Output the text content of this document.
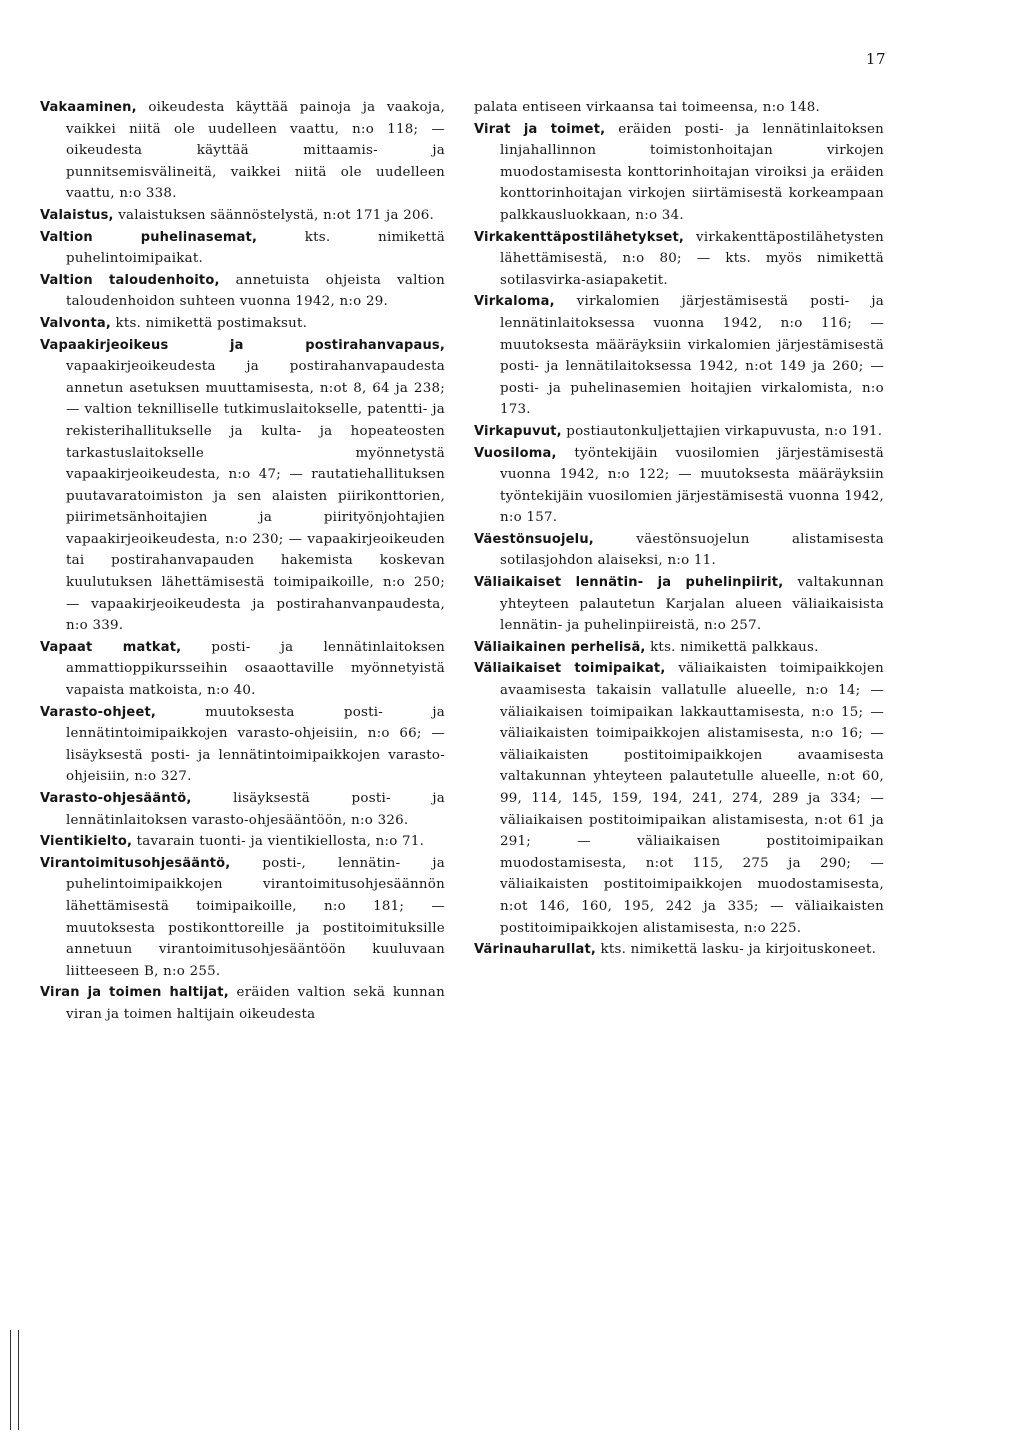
17

Vakaaminen, oikeudesta käyttää painoja ja vaakoja, vaikkei niitä ole uudelleen vaattu, n:o 118; — oikeudesta käyttää mittaamis- ja punnitsemisvälineitä, vaikkei niitä ole uudelleen vaattu, n:o 338.

Valaistus, valaistuksen säännöstelystä, n:ot 171 ja 206.

Valtion puhelinasemat, kts. nimikettä puhelintoimipaikat.

Valtion taloudenhoito, annetuista ohjeista valtion taloudenhoidon suhteen vuonna 1942, n:o 29.

Valvonta, kts. nimikettä postimaksut.

Vapaakirjeoikeus ja postirahanvapaus, vapaakirjeoikeudesta ja postirahanvapaudesta annetun asetuksen muuttamisesta, n:ot 8, 64 ja 238; — valtion teknilliselle tutkimuslaitokselle, patentti- ja rekisterihallitukselle ja kulta- ja hopeateosten tarkastuslaitokselle myönnetystä vapaakirjeoikeudesta, n:o 47; — rautatiehallituksen puutavaratoimiston ja sen alaisten piirikonttorien, piirimetsänhoitajien ja piirityönjohtajien vapaakirjeoikeudesta, n:o 230; — vapaakirjeoikeuden tai postirahanvapauden hakemista koskevan kuulutuksen lähettämisestä toimipaikoille, n:o 250; — vapaakirjeoikeudesta ja postirahanvanpaudesta, n:o 339.

Vapaat matkat, posti- ja lennätinlaitoksen ammattioppikursseihin osaaottaville myönnetyistä vapaista matkoista, n:o 40.

Varasto-ohjeet, muutoksesta posti- ja lennätintoimipaikkojen varasto-ohjeisiin, n:o 66; — lisäyksestä posti- ja lennätintoimipaikkojen varasto-ohjeisiin, n:o 327.

Varasto-ohjesääntö, lisäyksestä posti- ja lennätinlaitoksen varasto-ohjesääntöön, n:o 326.

Vientikielto, tavarain tuonti- ja vientikiellosta, n:o 71.

Virantoimitusohjesääntö, posti-, lennätin- ja puhelintoimipaikkojen virantoimitusohjesäännön lähettämisestä toimipaikoille, n:o 181; — muutoksesta postikonttoreille ja postitoimituksille annetuun virantoimitusohjesääntöön kuuluvaan liitteeseen B, n:o 255.

Viran ja toimen haltijat, eräiden valtion sekä kunnan viran ja toimen haltijain oikeudesta

palata entiseen virkaansa tai toimeensa, n:o 148.

Virat ja toimet, eräiden posti- ja lennätinlaitoksen linjahallinnon toimistonhoitajan virkojen muodostamisesta konttorinhoitajan viroiksi ja eräiden konttorinhoitajan virkojen siirtämisestä korkeampaan palkkausluokkaan, n:o 34.

Virkakenttäpostilähetykset, virkakenttäpostilähetysten lähettämisestä, n:o 80; — kts. myös nimikettä sotilasvirka-asiapaketit.

Virkaloma, virkalomien järjestämisestä posti- ja lennätinlaitoksessa vuonna 1942, n:o 116; — muutoksesta määräyksiin virkalomien järjestämisestä posti- ja lennätilaitoksessa 1942, n:ot 149 ja 260; — posti- ja puhelinasemien hoitajien virkalomista, n:o 173.

Virkapuvut, postiautonkuljettajien virkapuvusta, n:o 191.

Vuosiloma, työntekijäin vuosilomien järjestämisestä vuonna 1942, n:o 122; — muutoksesta määräyksiin työntekijäin vuosilomien järjestämisestä vuonna 1942, n:o 157.

Väestönsuojelu, väestönsuojelun alistamisesta sotilasjohdon alaiseksi, n:o 11.

Väliaikaiset lennätin- ja puhelinpiirit, valtakunnan yhteyteen palautetun Karjalan alueen väliaikaisista lennätin- ja puhelinpiireistä, n:o 257.

Väliaikainen perhelisä, kts. nimikettä palkkaus.

Väliaikaiset toimipaikat, väliaikaisten toimipaikkojen avaamisesta takaisin vallatulle alueelle, n:o 14; — väliaikaisen toimipaikan lakkauttamisesta, n:o 15; — väliaikaisten toimipaikkojen alistamisesta, n:o 16; — väliaikaisten postitoimipaikkojen avaamisesta valtakunnan yhteyteen palautetulle alueelle, n:ot 60, 99, 114, 145, 159, 194, 241, 274, 289 ja 334; — väliaikaisen postitoimipaikan alistamisesta, n:ot 61 ja 291; — väliaikaisen postitoimipaikan muodostamisesta, n:ot 115, 275 ja 290; — väliaikaisten postitoimipaikkojen muodostamisesta, n:ot 146, 160, 195, 242 ja 335; — väliaikaisten postitoimipaikkojen alistamisesta, n:o 225.

Värinauharullat, kts. nimikettä lasku- ja kirjoituskoneet.
